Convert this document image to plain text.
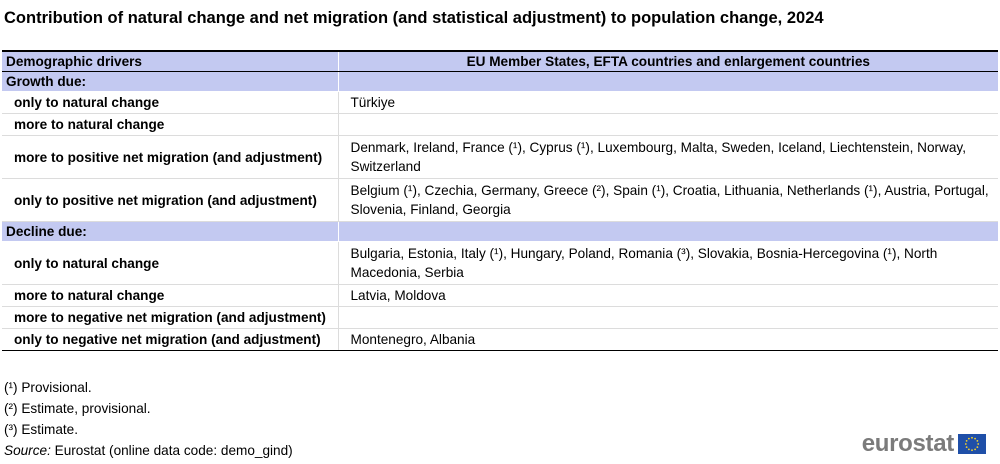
Contribution of natural change and net migration (and statistical adjustment) to population change, 2024
Demographic drivers	EU Member States, EFTA countries and enlargement countries
Growth due:	
only to natural change	Türkiye
more to natural change	
more to positive net migration (and adjustment)	Denmark, Ireland, France (¹), Cyprus (¹), Luxembourg, Malta, Sweden, Iceland, Liechtenstein, Norway, Switzerland
only to positive net migration (and adjustment)	Belgium (¹), Czechia, Germany, Greece (²), Spain (¹), Croatia, Lithuania, Netherlands (¹), Austria, Portugal, Slovenia, Finland, Georgia
Decline due:	
only to natural change	Bulgaria, Estonia, Italy (¹), Hungary, Poland, Romania (³), Slovakia, Bosnia-Hercegovina (¹), North Macedonia, Serbia
more to natural change	Latvia, Moldova
more to negative net migration (and adjustment)	
only to negative net migration (and adjustment)	Montenegro, Albania
(¹) Provisional.
(²) Estimate, provisional.
(³) Estimate.
Source: Eurostat (online data code: demo_gind)	eurostat
